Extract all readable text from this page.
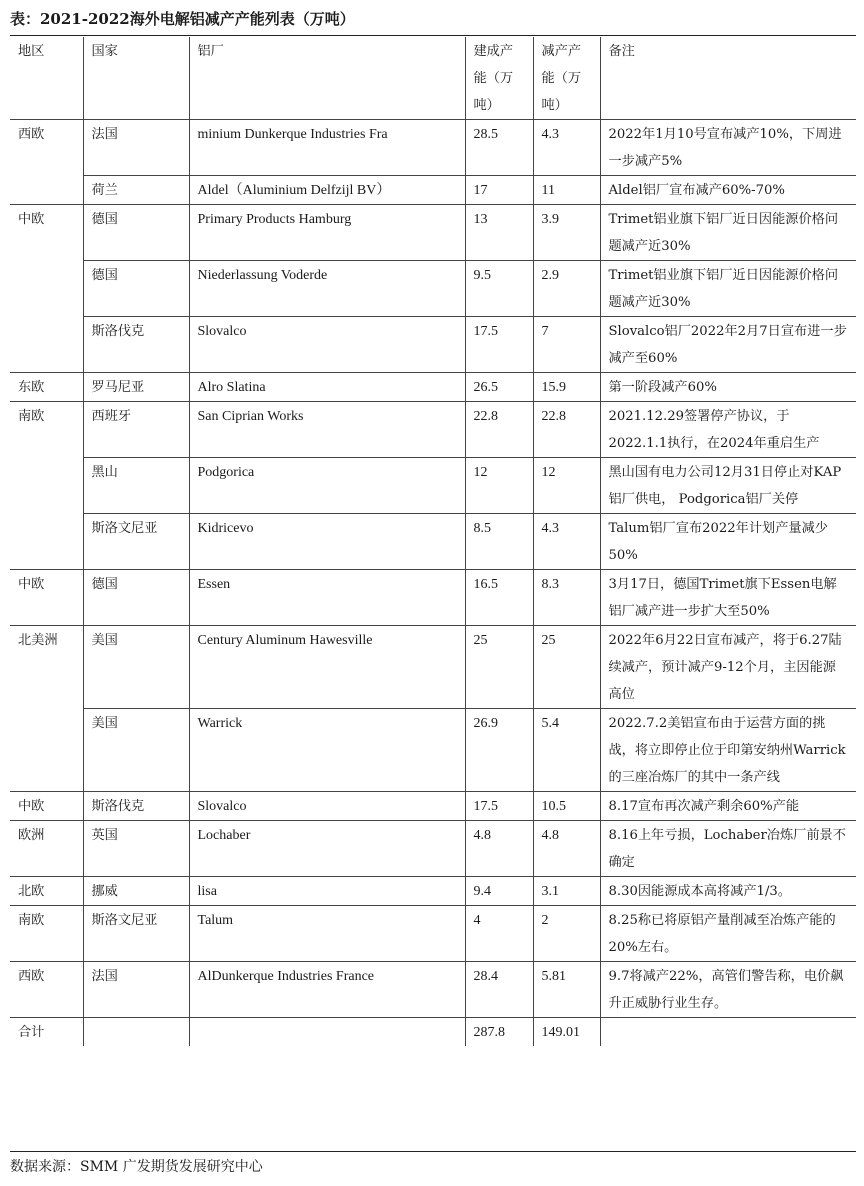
表：2021-2022海外电解铝减产产能列表（万吨）
地区	国家	铝厂	建成产能（万吨）	减产产能（万吨）	备注
西欧	法国	minium Dunkerque Industries Fra	28.5	4.3	2022年1月10号宣布减产10%，下周进一步减产5%
	荷兰	Aldel（Aluminium Delfzijl BV）	17	11	Aldel铝厂宣布减产60%-70%
中欧	德国	Primary Products Hamburg	13	3.9	Trimet铝业旗下铝厂近日因能源价格问题减产近30%
	德国	Niederlassung Voderde	9.5	2.9	Trimet铝业旗下铝厂近日因能源价格问题减产近30%
	斯洛伐克	Slovalco	17.5	7	Slovalco铝厂2022年2月7日宣布进一步减产至60%
东欧	罗马尼亚	Alro Slatina	26.5	15.9	第一阶段减产60%
南欧	西班牙	San Ciprian Works	22.8	22.8	2021.12.29签署停产协议，于2022.1.1执行，在2024年重启生产
	黑山	Podgorica	12	12	黑山国有电力公司12月31日停止对KAP铝厂供电， Podgorica铝厂关停
	斯洛文尼亚	Kidricevo	8.5	4.3	Talum铝厂宣布2022年计划产量减少50%
中欧	德国	Essen	16.5	8.3	3月17日，德国Trimet旗下Essen电解铝厂减产进一步扩大至50%
北美洲	美国	Century Aluminum Hawesville	25	25	2022年6月22日宣布减产，将于6.27陆续减产，预计减产9-12个月，主因能源高位
	美国	Warrick	26.9	5.4	2022.7.2美铝宣布由于运营方面的挑战，将立即停止位于印第安纳州Warrick的三座冶炼厂的其中一条产线
中欧	斯洛伐克	Slovalco	17.5	10.5	8.17宣布再次减产剩余60%产能
欧洲	英国	Lochaber	4.8	4.8	8.16上年亏损，Lochaber冶炼厂前景不确定
北欧	挪威	lisa	9.4	3.1	8.30因能源成本高将减产1/3。
南欧	斯洛文尼亚	Talum	4	2	8.25称已将原铝产量削减至冶炼产能的20%左右。
西欧	法国	AlDunkerque Industries France	28.4	5.81	9.7将减产22%，高管们警告称，电价飙升正威胁行业生存。
合计			287.8	149.01	
数据来源：SMM 广发期货发展研究中心
